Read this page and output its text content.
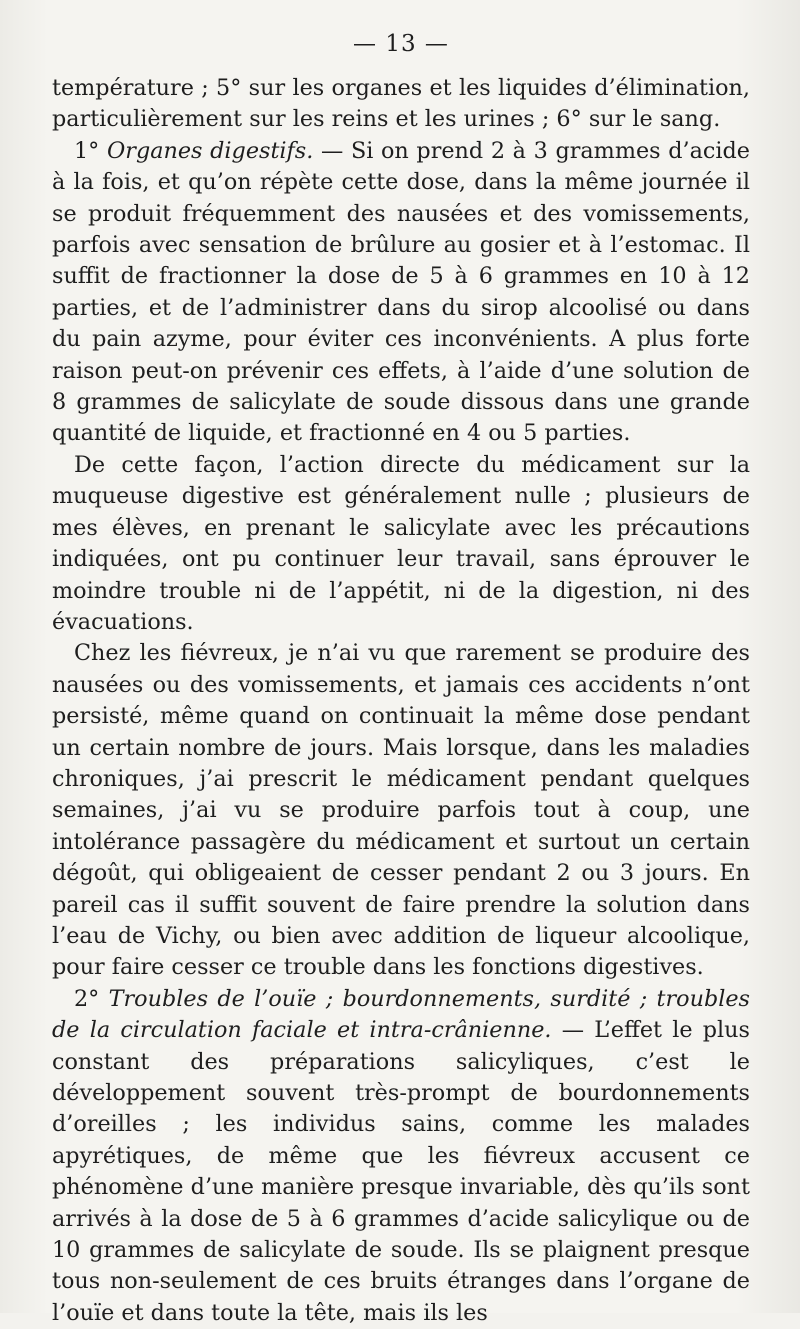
— 13 —

température ; 5° sur les organes et les liquides d’élimination, particulièrement sur les reins et les urines ; 6° sur le sang.

1° Organes digestifs. — Si on prend 2 à 3 grammes d’acide à la fois, et qu’on répète cette dose, dans la même journée il se produit fréquemment des nausées et des vomissements, parfois avec sensation de brûlure au gosier et à l’estomac. Il suffit de fractionner la dose de 5 à 6 grammes en 10 à 12 parties, et de l’administrer dans du sirop alcoolisé ou dans du pain azyme, pour éviter ces inconvénients. A plus forte raison peut-on prévenir ces effets, à l’aide d’une solution de 8 grammes de salicylate de soude dissous dans une grande quantité de liquide, et fractionné en 4 ou 5 parties.

De cette façon, l’action directe du médicament sur la muqueuse digestive est généralement nulle ; plusieurs de mes élèves, en prenant le salicylate avec les précautions indiquées, ont pu continuer leur travail, sans éprouver le moindre trouble ni de l’appétit, ni de la digestion, ni des évacuations.

Chez les fiévreux, je n’ai vu que rarement se produire des nausées ou des vomissements, et jamais ces accidents n’ont persisté, même quand on continuait la même dose pendant un certain nombre de jours. Mais lorsque, dans les maladies chroniques, j’ai prescrit le médicament pendant quelques semaines, j’ai vu se produire parfois tout à coup, une intolérance passagère du médicament et surtout un certain dégoût, qui obligeaient de cesser pendant 2 ou 3 jours. En pareil cas il suffit souvent de faire prendre la solution dans l’eau de Vichy, ou bien avec addition de liqueur alcoolique, pour faire cesser ce trouble dans les fonctions digestives.

2° Troubles de l’ouïe ; bourdonnements, surdité ; troubles de la circulation faciale et intra-crânienne. — L’effet le plus constant des préparations salicyliques, c’est le développement souvent très-prompt de bourdonnements d’oreilles ; les individus sains, comme les malades apyrétiques, de même que les fiévreux accusent ce phénomène d’une manière presque invariable, dès qu’ils sont arrivés à la dose de 5 à 6 grammes d’acide salicylique ou de 10 grammes de salicylate de soude. Ils se plaignent presque tous non-seulement de ces bruits étranges dans l’organe de l’ouïe et dans toute la tête, mais ils les
